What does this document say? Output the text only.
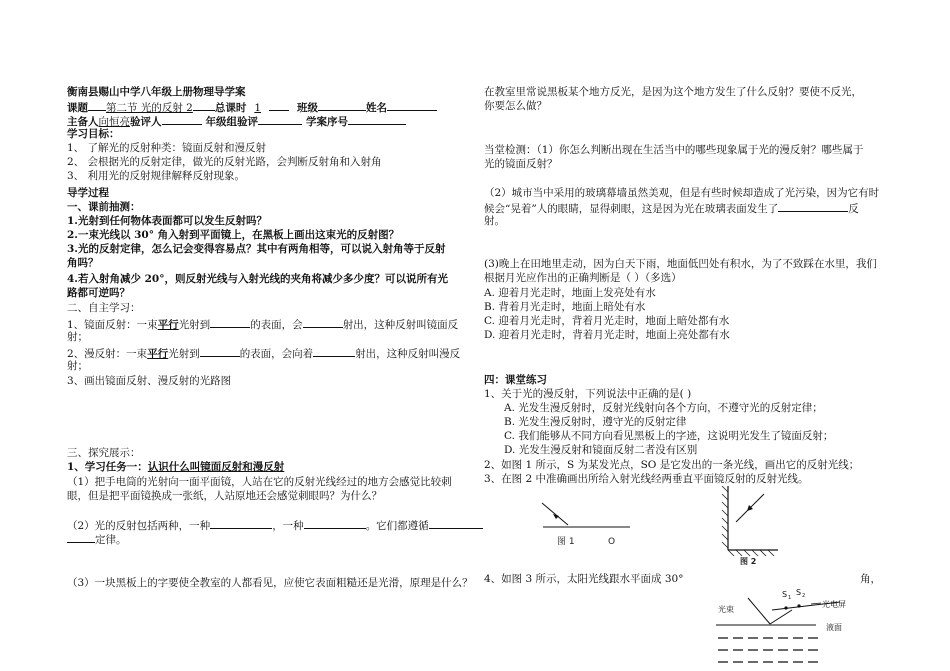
衡南县赐山中学八年级上册物理导学案
课题 第二节 光的反射 2 总课时 1	班级	姓名
主备人向恒亮验评人	年级组验评	学案序号
学习目标：
1、 了解光的反射种类：镜面反射和漫反射
2、 会根据光的反射定律，做光的反射光路，会判断反射角和入射角
3、 利用光的反射规律解释反射现象。
导学过程
一、课前抽测：
1.光射到任何物体表面都可以发生反射吗？
2.一束光线以 30° 角入射到平面镜上，在黑板上画出这束光的反射图？
3.光的反射定律，怎么记会变得容易点？其中有两角相等，可以说入射角等于反射
角吗？
4.若入射角减少 20°，则反射光线与入射光线的夹角将减少多少度？可以说所有光
路都可逆吗？
二、自主学习：
1、镜面反射：一束平行光射到	的表面，会	射出，这种反射叫镜面反
射；
2、漫反射：一束平行光射到	的表面，会向着	射出，这种反射叫漫反
射；
3、画出镜面反射、漫反射的光路图
三、探究展示：
1、学习任务一：认识什么叫镜面反射和漫反射
（1）把手电筒的光射向一面平面镜，人站在它的反射光线经过的地方会感觉比较刺
眼，但是把平面镜换成一张纸，人站原地还会感觉刺眼吗？为什么？
（2）光的反射包括两种，一种	，一种	。它们都遵循
定律。
（3）一块黑板上的字要使全教室的人都看见，应使它表面粗糙还是光滑，原理是什么？
在教室里常说黑板某个地方反光，是因为这个地方发生了什么反射？要使不反光，
你要怎么做？
当堂检测：（1）你怎么判断出现在生活当中的哪些现象属于光的漫反射？哪些属于
光的镜面反射？
（2）城市当中采用的玻璃幕墙虽然美观，但是有些时候却造成了光污染，因为它有时
候会“晃着”人的眼睛，显得刺眼，这是因为光在玻璃表面发生了	反
射。
(3)晚上在田地里走动，因为白天下雨，地面低凹处有积水，为了不致踩在水里，我们
根据月光应作出的正确判断是（ ）（多选）
A. 迎着月光走时，地面上发亮处有水
B. 背着月光走时，地面上暗处有水
C. 迎着月光走时，背着月光走时，地面上暗处都有水
D. 迎着月光走时，背着月光走时，地面上亮处都有水
四：课堂练习
1、关于光的漫反射，下列说法中正确的是( )
A. 光发生漫反射时，反射光线射向各个方向，不遵守光的反射定律；
B. 光发生漫反射时，遵守光的反射定律
C. 我们能够从不同方向看见黑板上的字迹，这说明光发生了镜面反射；
D. 光发生漫反射和镜面反射二者没有区别
2、如图 1 所示，S 为某发光点，SO 是它发出的一条光线，画出它的反射光线；
3、在图 2 中准确画出所给入射光线经两垂直平面镜反射的反射光线。
图 1	O
图 2
4、如图 3 所示，太阳光线跟水平面成 30°	角，
S 1
S 2
光电屏
光束
液面
